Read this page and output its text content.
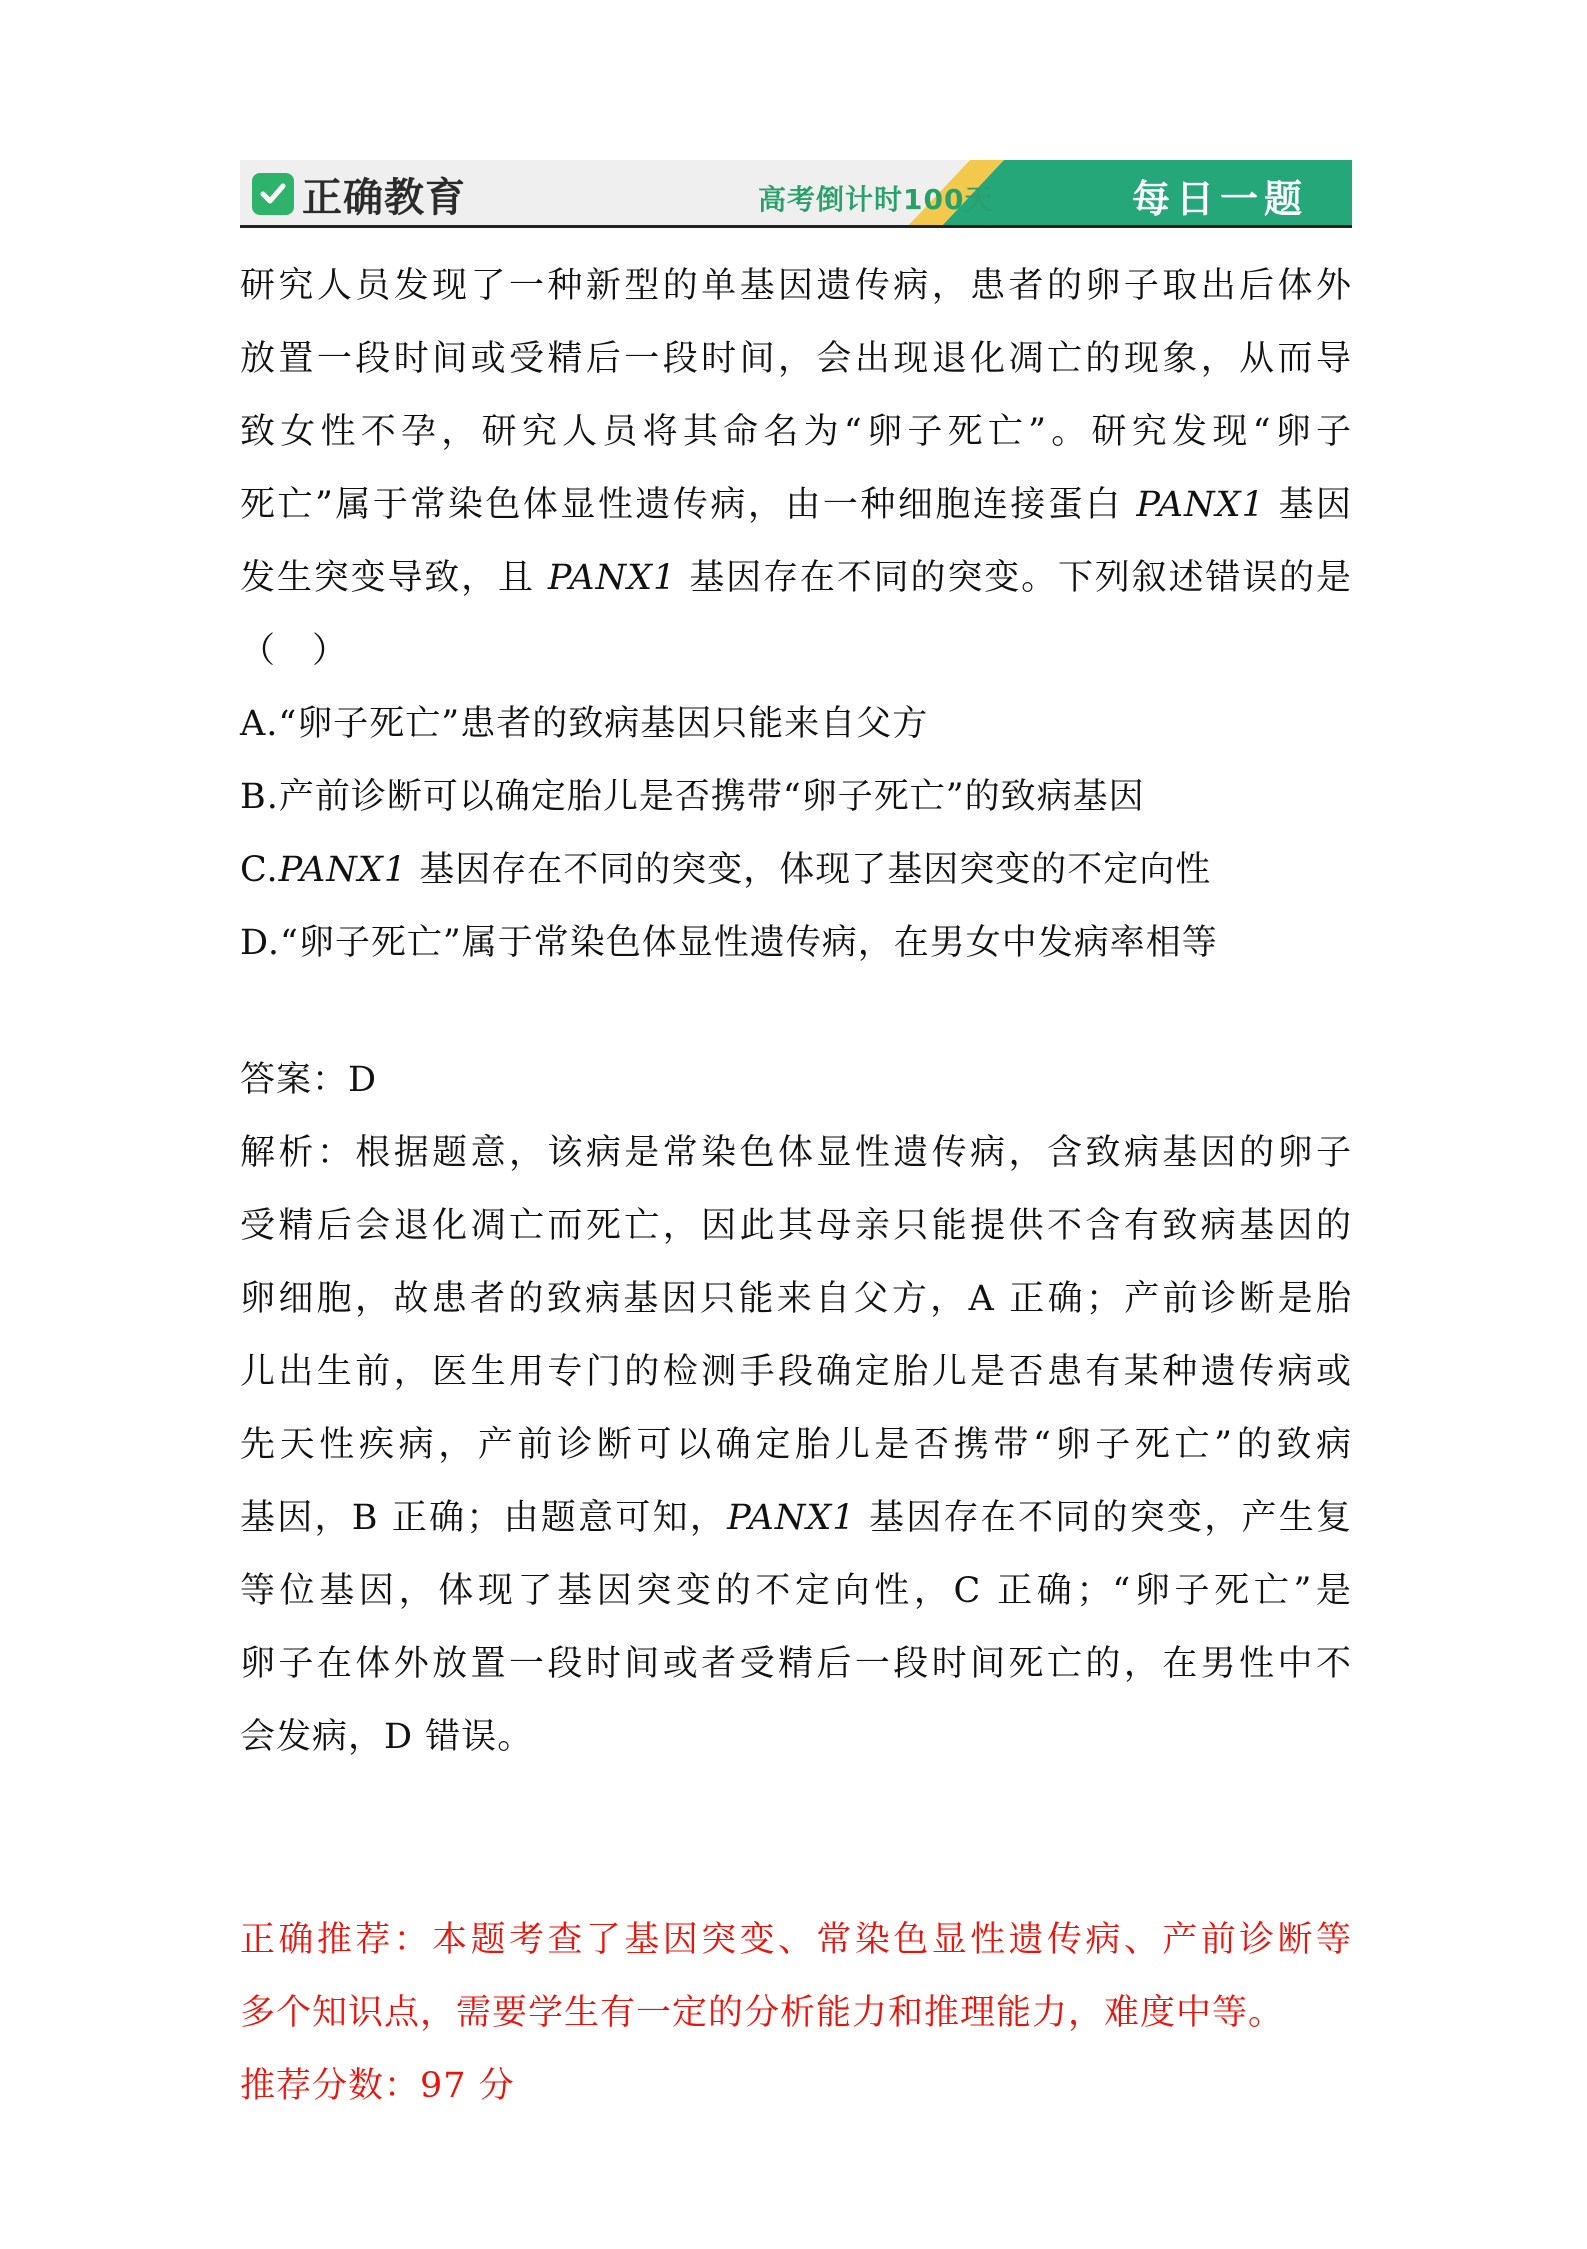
正确教育	高考倒计时100天	每日一题
研究人员发现了一种新型的单基因遗传病，患者的卵子取出后体外
放置一段时间或受精后一段时间，会出现退化凋亡的现象，从而导
致女性不孕，研究人员将其命名为“卵子死亡”。研究发现“卵子
死亡”属于常染色体显性遗传病，由一种细胞连接蛋白 PANX1 基因
发生突变导致，且 PANX1 基因存在不同的突变。下列叙述错误的是
（　）
A.“卵子死亡”患者的致病基因只能来自父方
B.产前诊断可以确定胎儿是否携带“卵子死亡”的致病基因
C.PANX1 基因存在不同的突变，体现了基因突变的不定向性
D.“卵子死亡”属于常染色体显性遗传病，在男女中发病率相等
答案：D
解析：根据题意，该病是常染色体显性遗传病，含致病基因的卵子
受精后会退化凋亡而死亡，因此其母亲只能提供不含有致病基因的
卵细胞，故患者的致病基因只能来自父方，A 正确；产前诊断是胎
儿出生前，医生用专门的检测手段确定胎儿是否患有某种遗传病或
先天性疾病，产前诊断可以确定胎儿是否携带“卵子死亡”的致病
基因，B 正确；由题意可知，PANX1 基因存在不同的突变，产生复
等位基因，体现了基因突变的不定向性，C 正确；“卵子死亡”是
卵子在体外放置一段时间或者受精后一段时间死亡的，在男性中不
会发病，D 错误。
正确推荐：本题考查了基因突变、常染色显性遗传病、产前诊断等
多个知识点，需要学生有一定的分析能力和推理能力，难度中等。
推荐分数：97 分
